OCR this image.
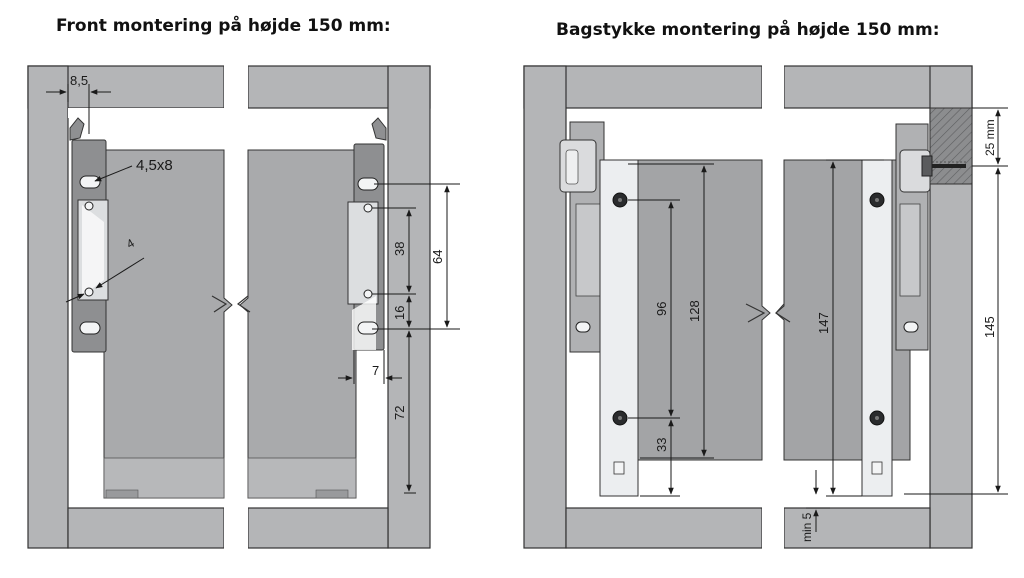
Front montering på højde 150 mm:	Bagstykke montering på højde 150 mm:
8,5
4,5x8
4	38
64
16
7
72
96 128
33
147	145
25 mm
min 5
